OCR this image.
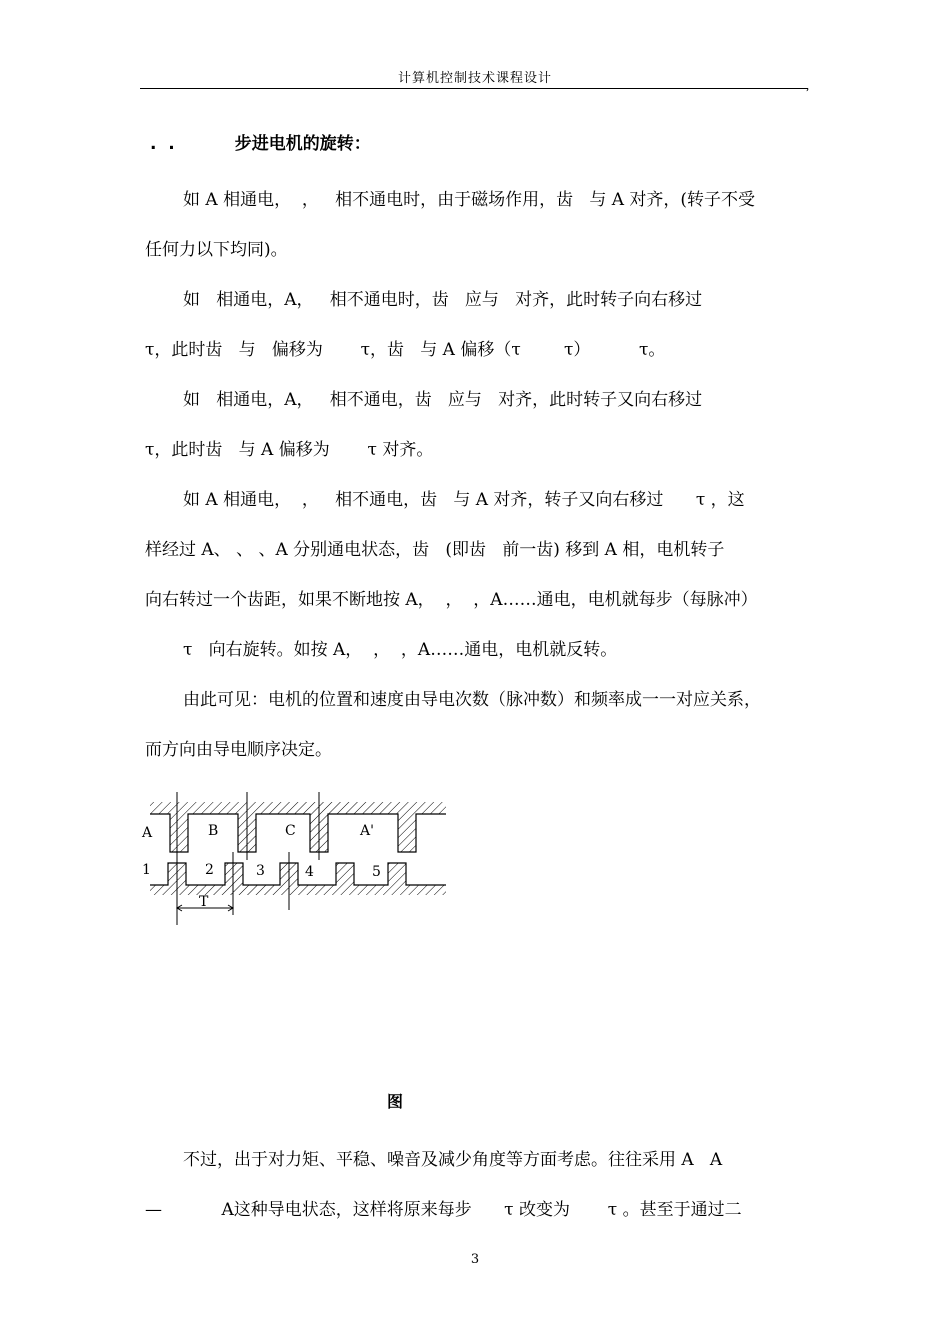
计算机控制技术课程设计
,
.  .	步进电机的旋转：
如 A 相通电，  ，   相不通电时，由于磁场作用，齿   与 A 对齐，(转子不受
任何力以下均同)。
如   相通电，A，   相不通电时，齿   应与   对齐，此时转子向右移过
τ，此时齿   与   偏移为       τ，齿   与 A 偏移（τ        τ）         τ。
如   相通电，A，   相不通电，齿   应与   对齐，此时转子又向右移过
τ，此时齿   与 A 偏移为       τ 对齐。
如 A 相通电，  ，   相不通电，齿   与 A 对齐，转子又向右移过      τ ，这
样经过 A、 、 、A 分别通电状态，齿   (即齿   前一齿) 移到 A 相，电机转子
向右转过一个齿距，如果不断地按 A，  ，  ，A……通电，电机就每步（每脉冲）
τ   向右旋转。如按 A，  ，  ，A……通电，电机就反转。
由此可见：电机的位置和速度由导电次数（脉冲数）和频率成一一对应关系，
而方向由导电顺序决定。
A	B	C	A'
1	2	3	4	5
T
图
不过，出于对力矩、平稳、噪音及减少角度等方面考虑。往往采用 A   A
—           A这种导电状态，这样将原来每步      τ 改变为       τ 。甚至于通过二
3
